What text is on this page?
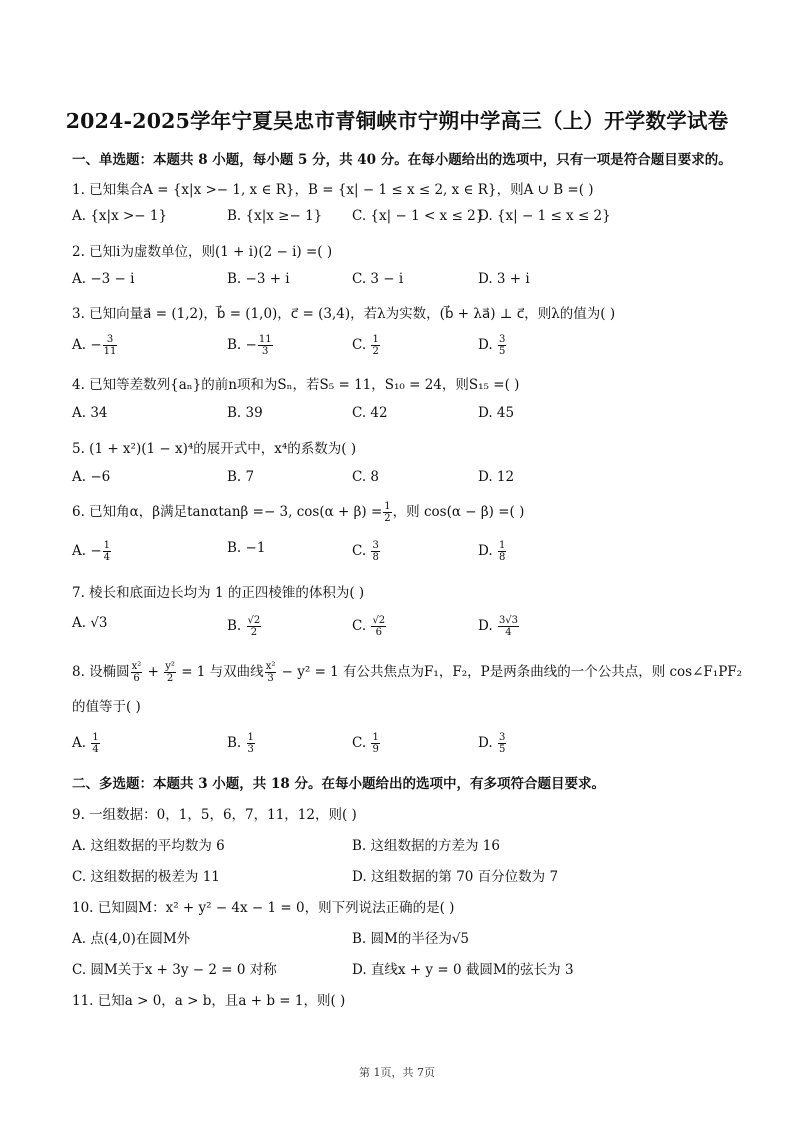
2024-2025学年宁夏吴忠市青铜峡市宁朔中学高三（上）开学数学试卷
一、单选题：本题共 8 小题，每小题 5 分，共 40 分。在每小题给出的选项中，只有一项是符合题目要求的。
1. 已知集合A = {x|x >− 1, x ∈ R}，B = {x| − 1 ≤ x ≤ 2, x ∈ R}，则A ∪ B =( )
A. {x|x >− 1}	B. {x|x ≥− 1} C. {x| − 1 < x ≤ 2}
D. {x| − 1 ≤ x ≤ 2}
2. 已知i为虚数单位，则(1 + i)(2 − i) =( )
A. −3 − i	B. −3 + i	C. 3 − i	D. 3 + i
3. 已知向量a⃗ = (1,2)，b⃗ = (1,0)，c⃗ = (3,4)，若λ为实数，(b⃗ + λa⃗) ⊥ c⃗，则λ的值为( )
A. − $\frac{3}{11}$	B. − $\frac{11}{3}$	C. $\frac{1}{2}$	D. $\frac{3}{5}$
4. 已知等差数列{aₙ}的前n项和为Sₙ，若S₅ = 11，S₁₀ = 24，则S₁₅ =( )
A. 34	B. 39	C. 42	D. 45
5. (1 + x²)(1 − x)⁴的展开式中，x⁴的系数为( )
A. −6	B. 7	C. 8	D. 12
6. 已知角α，β满足tanαtanβ =− 3, $\cos(\alpha + \beta) = \frac{1}{2}$ ，则 cos(α − β) =( )
A. − $\frac{1}{4}$	B. −1	C. $\frac{3}{8}$	D. $\frac{1}{8}$
7. 棱长和底面边长均为 1 的正四棱锥的体积为( )
A. √3	B. $\frac{√2}{2}$	C. $\frac{√2}{6}$	D. $\frac{3√3}{4}$
8. 设椭圆 $\frac{\text{x²}}{6} + \frac{\text{y²}}{2} = 1$ 与双曲线 $\frac{\text{x²}}{3} - y^2 = 1$ 有公共焦点为F₁，F₂，P是两条曲线的一个公共点，则 cos∠F₁PF₂
的值等于( )
A. $\frac{1}{4}$	B. $\frac{1}{3}$	C. $\frac{1}{9}$	D. $\frac{3}{5}$
二、多选题：本题共 3 小题，共 18 分。在每小题给出的选项中，有多项符合题目要求。
9. 一组数据：0，1，5，6，7，11，12，则( )
A. 这组数据的平均数为 6	B. 这组数据的方差为 16
C. 这组数据的极差为 11	D. 这组数据的第 70 百分位数为 7
10. 已知圆M：x² + y² − 4x − 1 = 0，则下列说法正确的是( )
A. 点(4,0)在圆M外	B. 圆M的半径为√5
C. 圆M关于x + 3y − 2 = 0 对称	D. 直线x + y = 0 截圆M的弦长为 3
11. 已知a > 0，a > b，且a + b = 1，则( )
第 1页，共 7页
